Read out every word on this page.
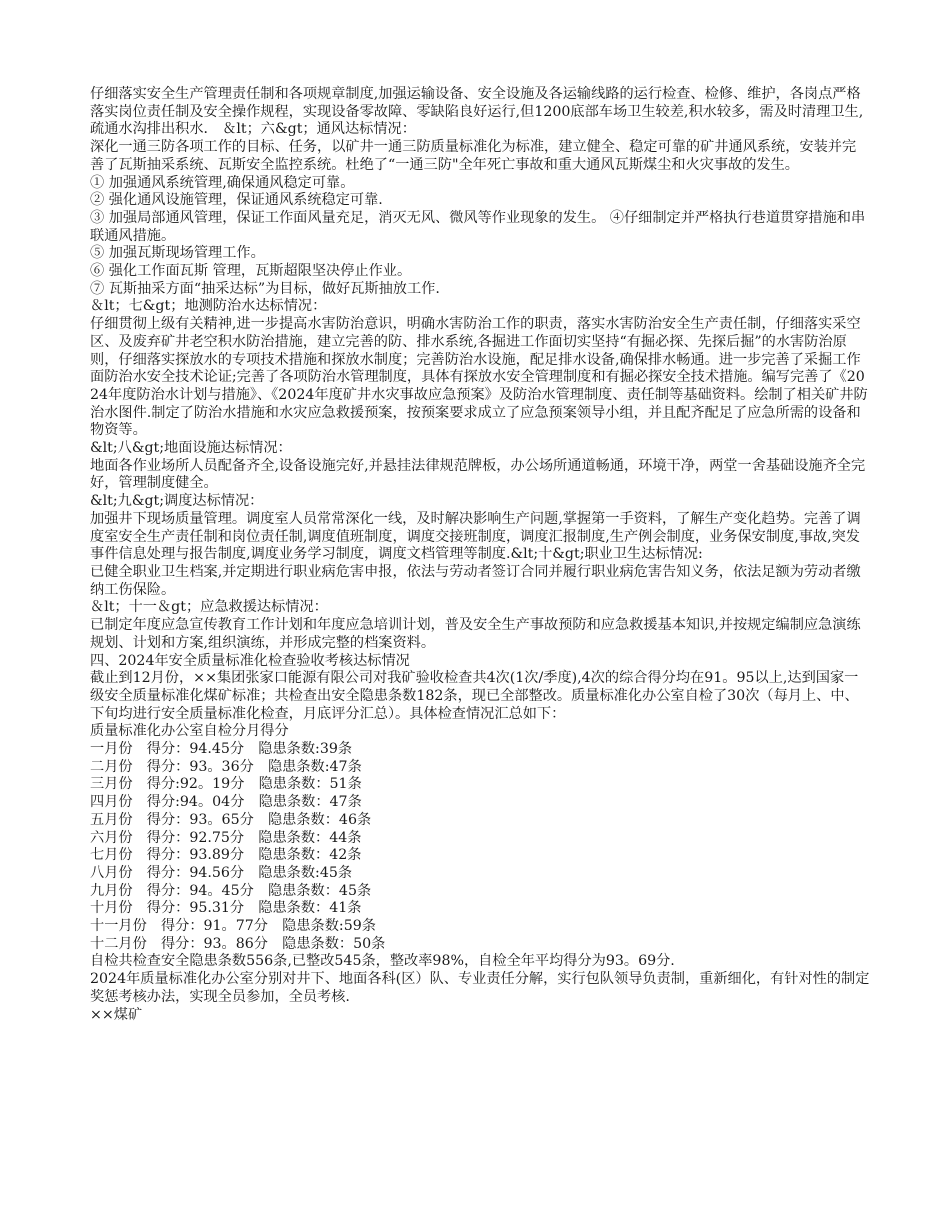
仔细落实安全生产管理责任制和各项规章制度,加强运输设备、安全设施及各运输线路的运行检查、检修、维护，各岗点严格落实岗位责任制及安全操作规程，实现设备零故障、零缺陷良好运行,但1200底部车场卫生较差,积水较多，需及时清理卫生,疏通水沟排出积水． ＆lt；六&gt；通风达标情况：

深化一通三防各项工作的目标、任务，以矿井一通三防质量标准化为标准，建立健全、稳定可靠的矿井通风系统，安装并完善了瓦斯抽采系统、瓦斯安全监控系统。杜绝了“一通三防"全年死亡事故和重大通风瓦斯煤尘和火灾事故的发生。

① 加强通风系统管理,确保通风稳定可靠。

② 强化通风设施管理，保证通风系统稳定可靠.

③ 加强局部通风管理，保证工作面风量充足，消灭无风、微风等作业现象的发生。 ④仔细制定并严格执行巷道贯穿措施和串联通风措施。

⑤ 加强瓦斯现场管理工作。

⑥ 强化工作面瓦斯 管理，瓦斯超限坚决停止作业。

⑦ 瓦斯抽采方面“抽采达标”为目标，做好瓦斯抽放工作.

＆lt；七&gt；地测防治水达标情况：

仔细贯彻上级有关精神,进一步提高水害防治意识，明确水害防治工作的职责，落实水害防治安全生产责任制，仔细落实采空区、及废弃矿井老空积水防治措施，建立完善的防、排水系统,各掘进工作面切实坚持“有掘必探、先探后掘”的水害防治原则，仔细落实探放水的专项技术措施和探放水制度；完善防治水设施，配足排水设备,确保排水畅通。进一步完善了采掘工作面防治水安全技术论证;完善了各项防治水管理制度，具体有探放水安全管理制度和有掘必探安全技术措施。编写完善了《2024年度防治水计划与措施》、《2024年度矿井水灾事故应急预案》及防治水管理制度、责任制等基础资料。绘制了相关矿井防治水图件.制定了防治水措施和水灾应急救援预案，按预案要求成立了应急预案领导小组，并且配齐配足了应急所需的设备和物资等。

&lt;八&gt;地面设施达标情况：

地面各作业场所人员配备齐全,设备设施完好,并悬挂法律规范牌板，办公场所通道畅通，环境干净，两堂一舍基础设施齐全完好，管理制度健全。

&lt;九&gt;调度达标情况：

加强井下现场质量管理。调度室人员常常深化一线，及时解决影响生产问题,掌握第一手资料，了解生产变化趋势。完善了调度室安全生产责任制和岗位责任制,调度值班制度，调度交接班制度，调度汇报制度,生产例会制度，业务保安制度,事故,突发事件信息处理与报告制度,调度业务学习制度，调度文档管理等制度.&lt;十&gt;职业卫生达标情况:

已健全职业卫生档案,并定期进行职业病危害申报，依法与劳动者签订合同并履行职业病危害告知义务，依法足额为劳动者缴纳工伤保险。

＆lt；十一＆gt；应急救援达标情况：

已制定年度应急宣传教育工作计划和年度应急培训计划，普及安全生产事故预防和应急救援基本知识,并按规定编制应急演练规划、计划和方案,组织演练，并形成完整的档案资料。

四、2024年安全质量标准化检查验收考核达标情况

截止到12月份，××集团张家口能源有限公司对我矿验收检查共4次(1次/季度),4次的综合得分均在91。95以上,达到国家一级安全质量标准化煤矿标准；共检查出安全隐患条数182条，现已全部整改。质量标准化办公室自检了30次（每月上、中、下旬均进行安全质量标准化检查，月底评分汇总）。具体检查情况汇总如下：

质量标准化办公室自检分月得分

一月份　得分：94.45分　隐患条数:39条

二月份　得分：93。36分　隐患条数:47条

三月份　得分:92。19分　隐患条数：51条

四月份　得分:94。04分　隐患条数：47条

五月份　得分：93。65分　隐患条数：46条

六月份　得分：92.75分　隐患条数：44条

七月份　得分：93.89分　隐患条数：42条

八月份　得分：94.56分　隐患条数:45条

九月份　得分：94。45分　隐患条数：45条

十月份　得分：95.31分　隐患条数：41条

十一月份　得分：91。77分　隐患条数:59条

十二月份　得分：93。86分　隐患条数：50条

自检共检查安全隐患条数556条,已整改545条，整改率98%，自检全年平均得分为93。69分.

2024年质量标准化办公室分别对井下、地面各科(区）队、专业责任分解，实行包队领导负责制，重新细化，有针对性的制定奖惩考核办法，实现全员参加，全员考核.

××煤矿
